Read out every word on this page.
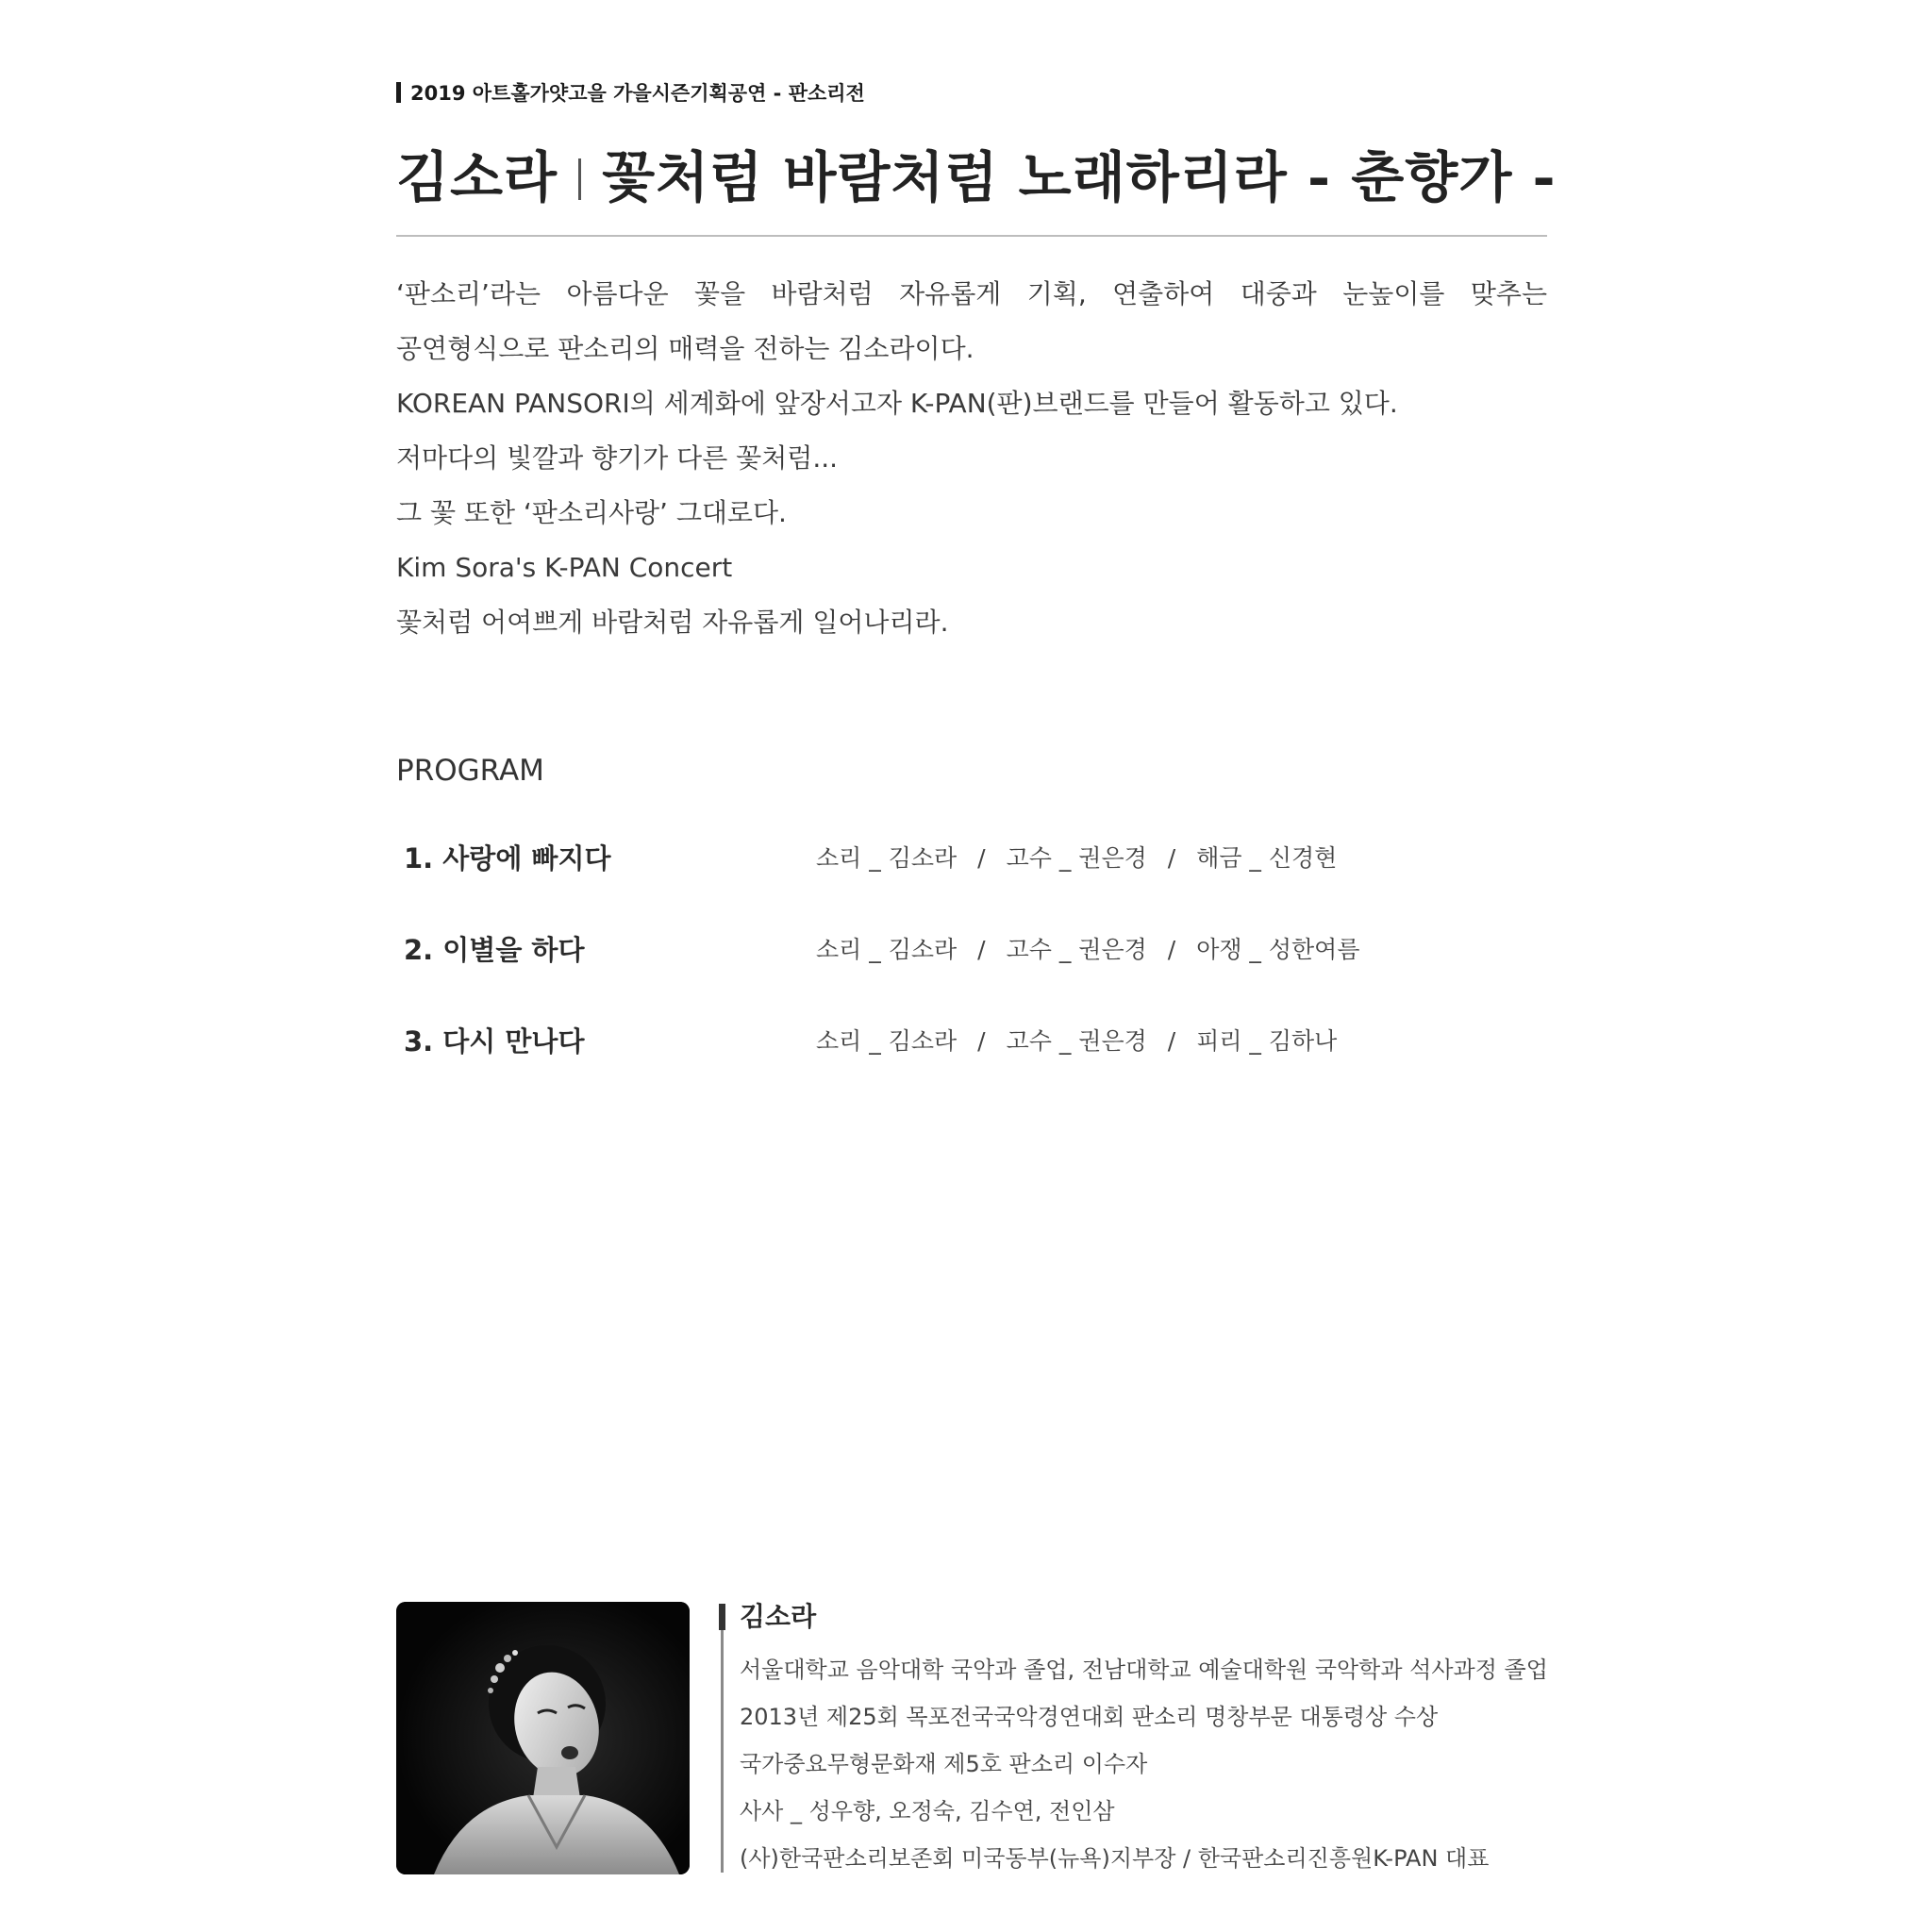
2019 아트홀가얏고을 가을시즌기획공연 - 판소리전
김소라 꽃처럼 바람처럼 노래하리라 - 춘향가 -
‘판소리’라는 아름다운 꽃을 바람처럼 자유롭게 기획, 연출하여 대중과 눈높이를 맞추는
공연형식으로 판소리의 매력을 전하는 김소라이다.
KOREAN PANSORI의 세계화에 앞장서고자 K-PAN(판)브랜드를 만들어 활동하고 있다.
저마다의 빛깔과 향기가 다른 꽃처럼...
그 꽃 또한 ‘판소리사랑’ 그대로다.
Kim Sora's K-PAN Concert
꽃처럼 어여쁘게 바람처럼 자유롭게 일어나리라.
PROGRAM
1. 사랑에 빠지다	소리 _ 김소라 / 고수 _ 권은경 / 해금 _ 신경현
2. 이별을 하다	소리 _ 김소라 / 고수 _ 권은경 / 아쟁 _ 성한여름
3. 다시 만나다	소리 _ 김소라 / 고수 _ 권은경 / 피리 _ 김하나
김소라
서울대학교 음악대학 국악과 졸업, 전남대학교 예술대학원 국악학과 석사과정 졸업
2013년 제25회 목포전국국악경연대회 판소리 명창부문 대통령상 수상
국가중요무형문화재 제5호 판소리 이수자
사사 _ 성우향, 오정숙, 김수연, 전인삼
(사)한국판소리보존회 미국동부(뉴욕)지부장 / 한국판소리진흥원K-PAN 대표
